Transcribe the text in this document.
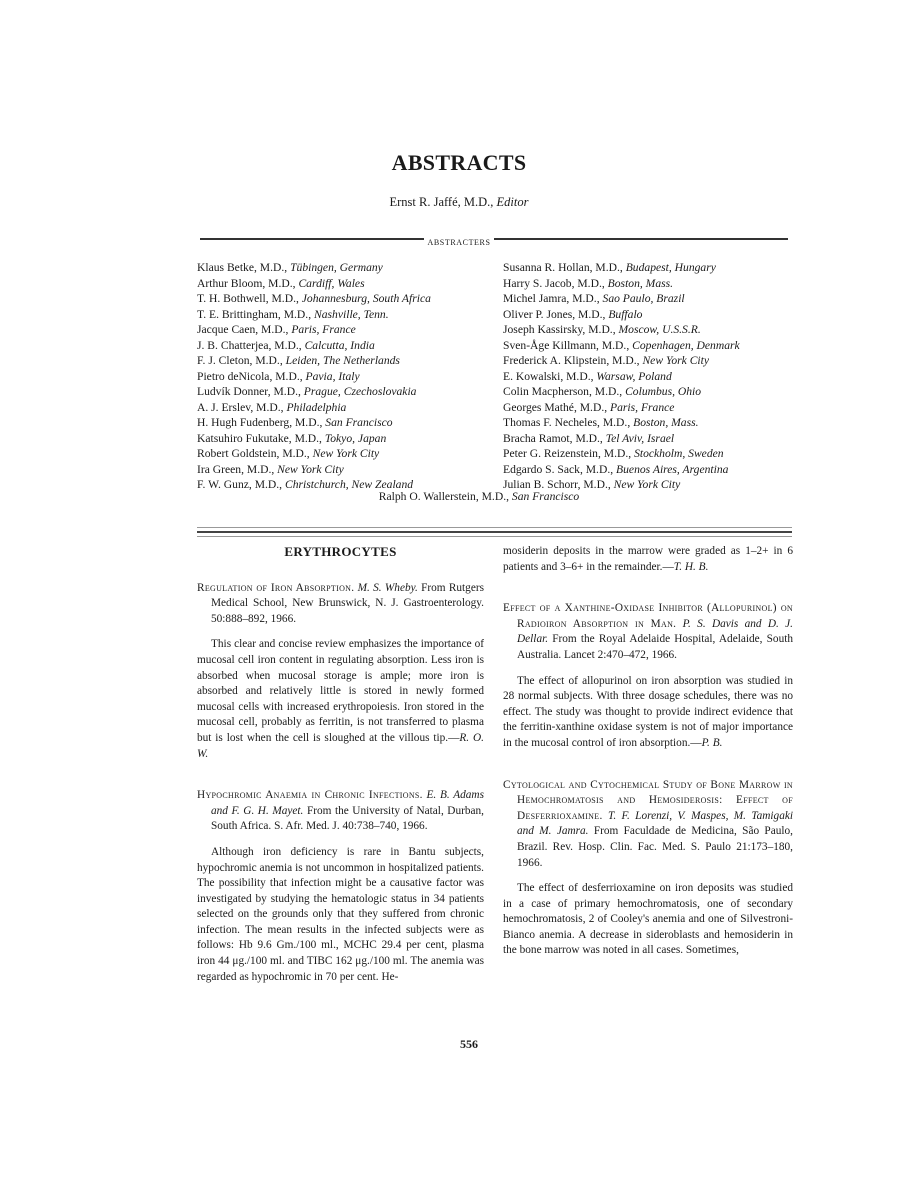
ABSTRACTS
Ernst R. Jaffé, M.D., Editor
ABSTRACTERS
Klaus Betke, M.D., Tübingen, Germany
Arthur Bloom, M.D., Cardiff, Wales
T. H. Bothwell, M.D., Johannesburg, South Africa
T. E. Brittingham, M.D., Nashville, Tenn.
Jacque Caen, M.D., Paris, France
J. B. Chatterjea, M.D., Calcutta, India
F. J. Cleton, M.D., Leiden, The Netherlands
Pietro deNicola, M.D., Pavia, Italy
Ludvík Donner, M.D., Prague, Czechoslovakia
A. J. Erslev, M.D., Philadelphia
H. Hugh Fudenberg, M.D., San Francisco
Katsuhiro Fukutake, M.D., Tokyo, Japan
Robert Goldstein, M.D., New York City
Ira Green, M.D., New York City
F. W. Gunz, M.D., Christchurch, New Zealand
Susanna R. Hollan, M.D., Budapest, Hungary
Harry S. Jacob, M.D., Boston, Mass.
Michel Jamra, M.D., Sao Paulo, Brazil
Oliver P. Jones, M.D., Buffalo
Joseph Kassirsky, M.D., Moscow, U.S.S.R.
Sven-Åge Killmann, M.D., Copenhagen, Denmark
Frederick A. Klipstein, M.D., New York City
E. Kowalski, M.D., Warsaw, Poland
Colin Macpherson, M.D., Columbus, Ohio
Georges Mathé, M.D., Paris, France
Thomas F. Necheles, M.D., Boston, Mass.
Bracha Ramot, M.D., Tel Aviv, Israel
Peter G. Reizenstein, M.D., Stockholm, Sweden
Edgardo S. Sack, M.D., Buenos Aires, Argentina
Julian B. Schorr, M.D., New York City
Ralph O. Wallerstein, M.D., San Francisco
ERYTHROCYTES
Regulation of Iron Absorption. M. S. Wheby. From Rutgers Medical School, New Brunswick, N. J. Gastroenterology. 50:888–892, 1966.
This clear and concise review emphasizes the importance of mucosal cell iron content in regulating absorption. Less iron is absorbed when mucosal storage is ample; more iron is absorbed and relatively little is stored in newly formed mucosal cells with increased erythropoiesis. Iron stored in the mucosal cell, probably as ferritin, is not transferred to plasma but is lost when the cell is sloughed at the villous tip.—R. O. W.
Hypochromic Anaemia in Chronic Infections. E. B. Adams and F. G. H. Mayet. From the University of Natal, Durban, South Africa. S. Afr. Med. J. 40:738–740, 1966.
Although iron deficiency is rare in Bantu subjects, hypochromic anemia is not uncommon in hospitalized patients. The possibility that infection might be a causative factor was investigated by studying the hematologic status in 34 patients selected on the grounds only that they suffered from chronic infection. The mean results in the infected subjects were as follows: Hb 9.6 Gm./100 ml., MCHC 29.4 per cent, plasma iron 44 μg./100 ml. and TIBC 162 μg./100 ml. The anemia was regarded as hypochromic in 70 per cent. He-
mosiderin deposits in the marrow were graded as 1–2+ in 6 patients and 3–6+ in the remainder.—T. H. B.
Effect of a Xanthine-Oxidase Inhibitor (Allopurinol) on Radioiron Absorption in Man. P. S. Davis and D. J. Dellar. From the Royal Adelaide Hospital, Adelaide, South Australia. Lancet 2:470–472, 1966.
The effect of allopurinol on iron absorption was studied in 28 normal subjects. With three dosage schedules, there was no effect. The study was thought to provide indirect evidence that the ferritin-xanthine oxidase system is not of major importance in the mucosal control of iron absorption.—P. B.
Cytological and Cytochemical Study of Bone Marrow in Hemochromatosis and Hemosiderosis: Effect of Desferrioxamine. T. F. Lorenzi, V. Maspes, M. Tamigaki and M. Jamra. From Faculdade de Medicina, São Paulo, Brazil. Rev. Hosp. Clin. Fac. Med. S. Paulo 21:173–180, 1966.
The effect of desferrioxamine on iron deposits was studied in a case of primary hemochromatosis, one of secondary hemochromatosis, 2 of Cooley's anemia and one of Silvestroni-Bianco anemia. A decrease in sideroblasts and hemosiderin in the bone marrow was noted in all cases. Sometimes,
556
